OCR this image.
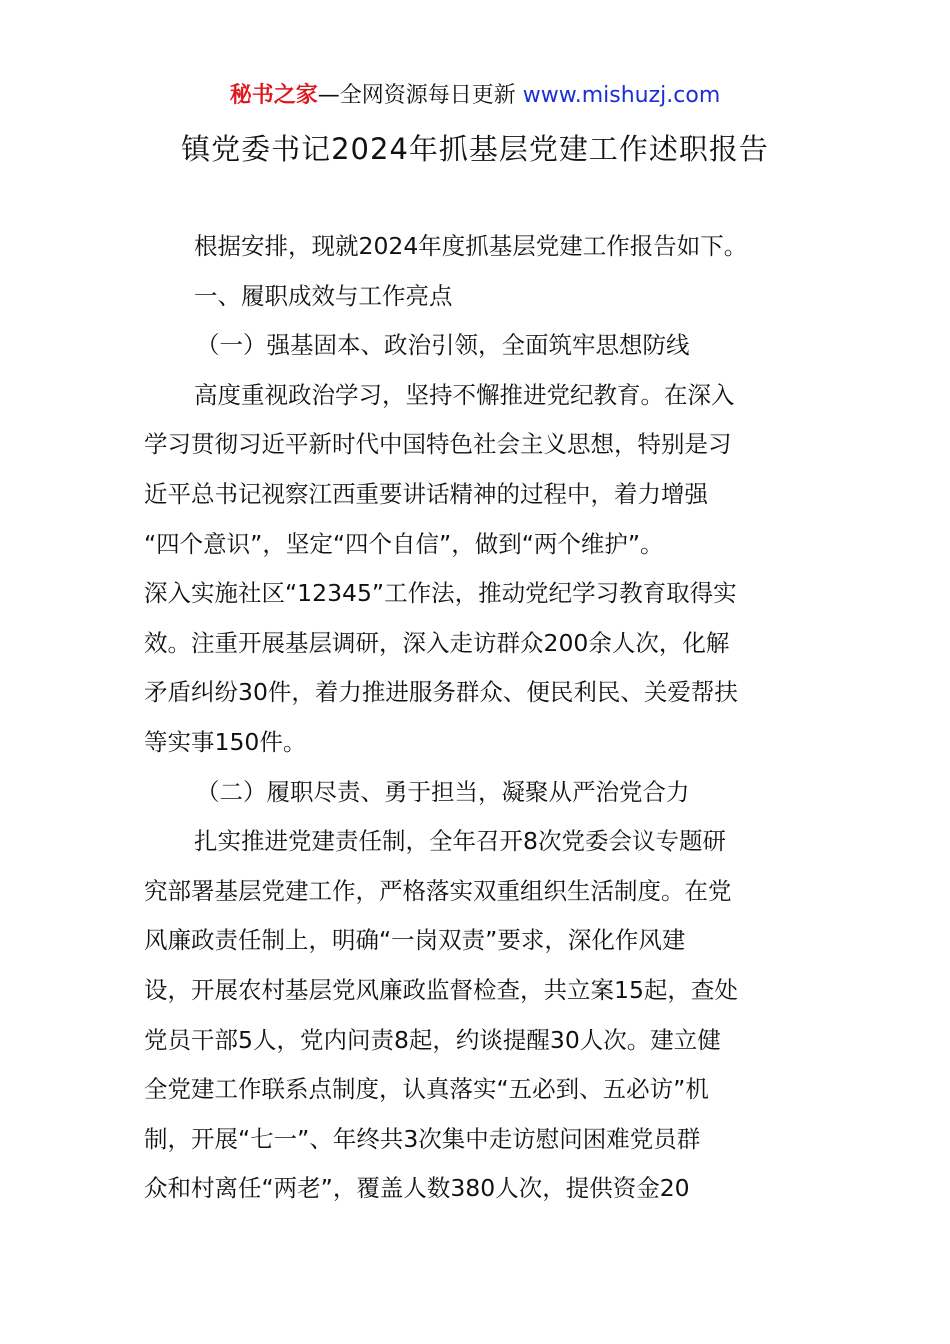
秘书之家—全网资源每日更新 www.mishuzj.com
镇党委书记2024年抓基层党建工作述职报告
根据安排，现就2024年度抓基层党建工作报告如下。
一、履职成效与工作亮点
（一）强基固本、政治引领，全面筑牢思想防线
高度重视政治学习，坚持不懈推进党纪教育。在深入
学习贯彻习近平新时代中国特色社会主义思想，特别是习
近平总书记视察江西重要讲话精神的过程中，着力增强
“四个意识”，坚定“四个自信”，做到“两个维护”。
深入实施社区“12345”工作法，推动党纪学习教育取得实
效。注重开展基层调研，深入走访群众200余人次，化解
矛盾纠纷30件，着力推进服务群众、便民利民、关爱帮扶
等实事150件。
（二）履职尽责、勇于担当，凝聚从严治党合力
扎实推进党建责任制，全年召开8次党委会议专题研
究部署基层党建工作，严格落实双重组织生活制度。在党
风廉政责任制上，明确“一岗双责”要求，深化作风建
设，开展农村基层党风廉政监督检查，共立案15起，查处
党员干部5人，党内问责8起，约谈提醒30人次。建立健
全党建工作联系点制度，认真落实“五必到、五必访”机
制，开展“七一”、年终共3次集中走访慰问困难党员群
众和村离任“两老”，覆盖人数380人次，提供资金20
